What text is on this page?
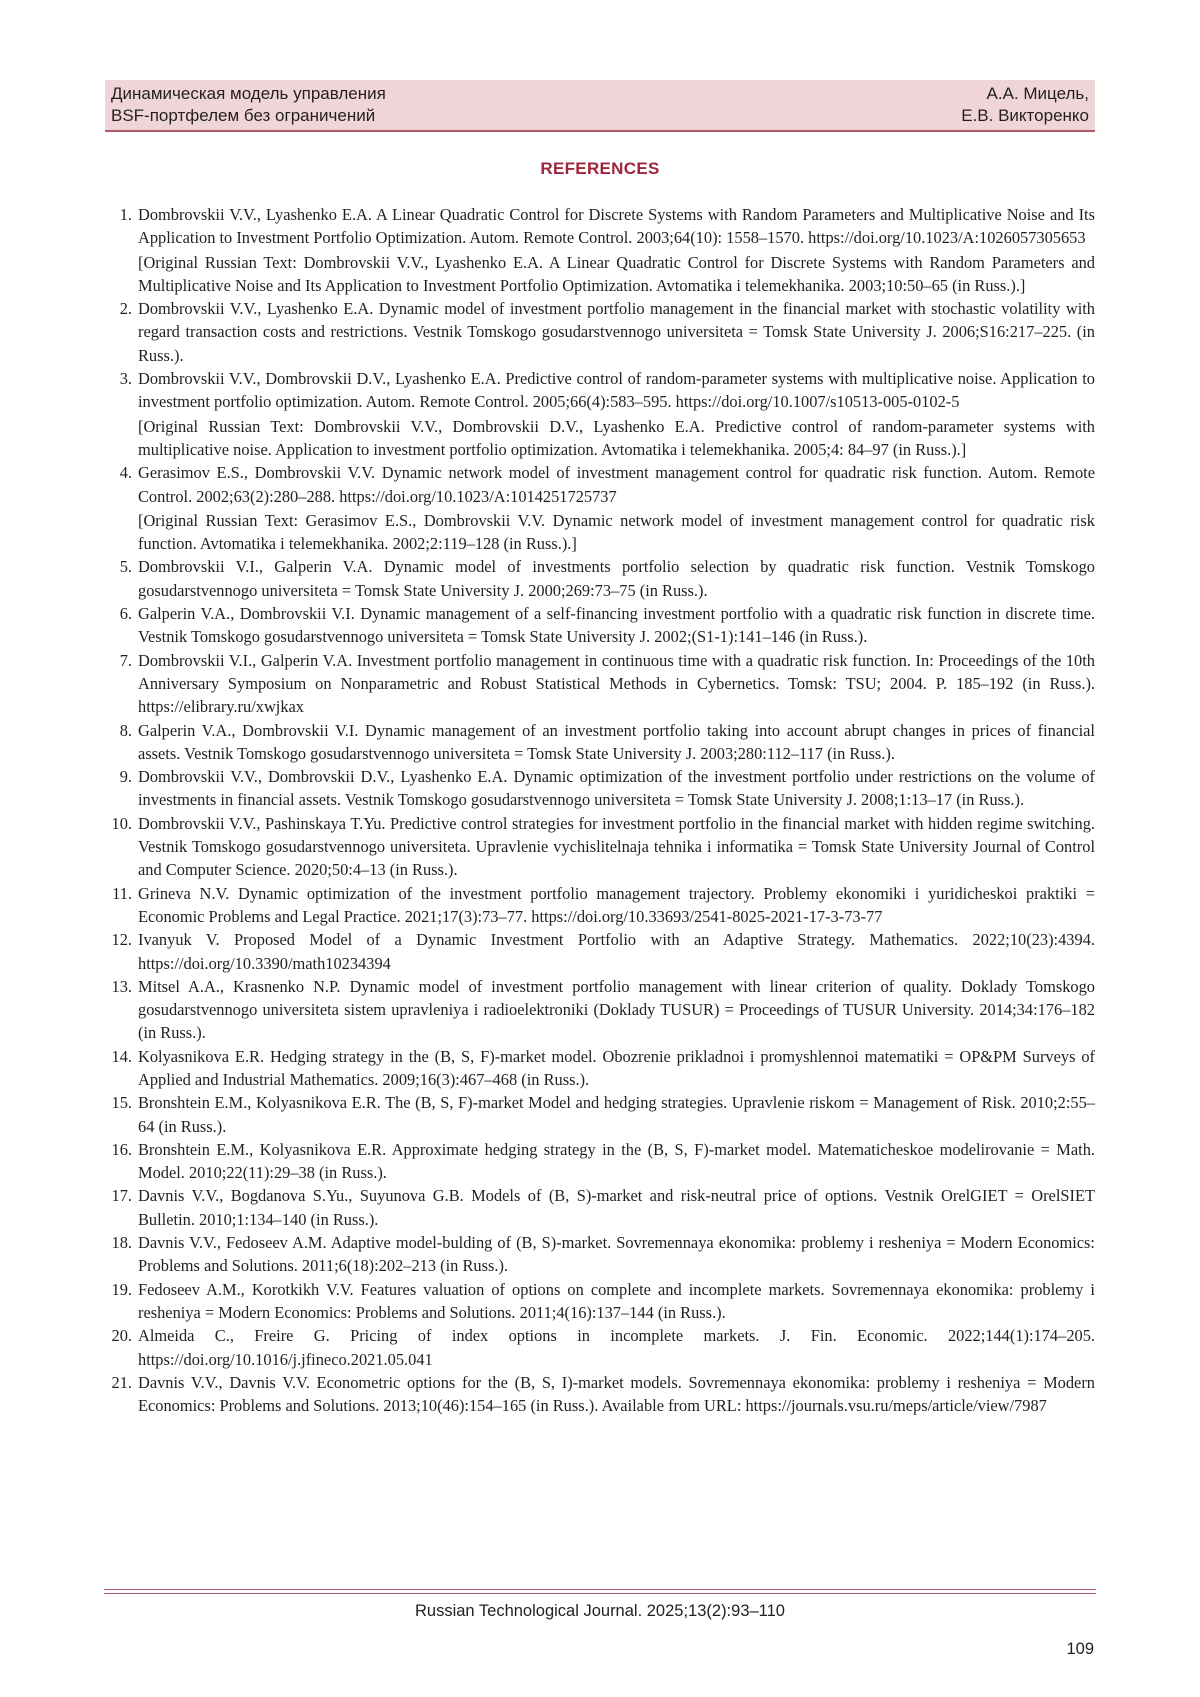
Динамическая модель управления
BSF-портфелем без ограничений
А.А. Мицель,
Е.В. Викторенко
REFERENCES
1. Dombrovskii V.V., Lyashenko E.A. A Linear Quadratic Control for Discrete Systems with Random Parameters and Multiplicative Noise and Its Application to Investment Portfolio Optimization. Autom. Remote Control. 2003;64(10): 1558–1570. https://doi.org/10.1023/A:1026057305653
[Original Russian Text: Dombrovskii V.V., Lyashenko E.A. A Linear Quadratic Control for Discrete Systems with Random Parameters and Multiplicative Noise and Its Application to Investment Portfolio Optimization. Avtomatika i telemekhanika. 2003;10:50–65 (in Russ.).]
2. Dombrovskii V.V., Lyashenko E.A. Dynamic model of investment portfolio management in the financial market with stochastic volatility with regard transaction costs and restrictions. Vestnik Tomskogo gosudarstvennogo universiteta = Tomsk State University J. 2006;S16:217–225. (in Russ.).
3. Dombrovskii V.V., Dombrovskii D.V., Lyashenko E.A. Predictive control of random-parameter systems with multiplicative noise. Application to investment portfolio optimization. Autom. Remote Control. 2005;66(4):583–595. https://doi.org/10.1007/s10513-005-0102-5
[Original Russian Text: Dombrovskii V.V., Dombrovskii D.V., Lyashenko E.A. Predictive control of random-parameter systems with multiplicative noise. Application to investment portfolio optimization. Avtomatika i telemekhanika. 2005;4: 84–97 (in Russ.).]
4. Gerasimov E.S., Dombrovskii V.V. Dynamic network model of investment management control for quadratic risk function. Autom. Remote Control. 2002;63(2):280–288. https://doi.org/10.1023/A:1014251725737
[Original Russian Text: Gerasimov E.S., Dombrovskii V.V. Dynamic network model of investment management control for quadratic risk function. Avtomatika i telemekhanika. 2002;2:119–128 (in Russ.).]
5. Dombrovskii V.I., Galperin V.A. Dynamic model of investments portfolio selection by quadratic risk function. Vestnik Tomskogo gosudarstvennogo universiteta = Tomsk State University J. 2000;269:73–75 (in Russ.).
6. Galperin V.A., Dombrovskii V.I. Dynamic management of a self-financing investment portfolio with a quadratic risk function in discrete time. Vestnik Tomskogo gosudarstvennogo universiteta = Tomsk State University J. 2002;(S1-1):141–146 (in Russ.).
7. Dombrovskii V.I., Galperin V.A. Investment portfolio management in continuous time with a quadratic risk function. In: Proceedings of the 10th Anniversary Symposium on Nonparametric and Robust Statistical Methods in Cybernetics. Tomsk: TSU; 2004. P. 185–192 (in Russ.). https://elibrary.ru/xwjkax
8. Galperin V.A., Dombrovskii V.I. Dynamic management of an investment portfolio taking into account abrupt changes in prices of financial assets. Vestnik Tomskogo gosudarstvennogo universiteta = Tomsk State University J. 2003;280:112–117 (in Russ.).
9. Dombrovskii V.V., Dombrovskii D.V., Lyashenko E.A. Dynamic optimization of the investment portfolio under restrictions on the volume of investments in financial assets. Vestnik Tomskogo gosudarstvennogo universiteta = Tomsk State University J. 2008;1:13–17 (in Russ.).
10. Dombrovskii V.V., Pashinskaya T.Yu. Predictive control strategies for investment portfolio in the financial market with hidden regime switching. Vestnik Tomskogo gosudarstvennogo universiteta. Upravlenie vychislitelnaja tehnika i informatika = Tomsk State University Journal of Control and Computer Science. 2020;50:4–13 (in Russ.).
11. Grineva N.V. Dynamic optimization of the investment portfolio management trajectory. Problemy ekonomiki i yuridicheskoi praktiki = Economic Problems and Legal Practice. 2021;17(3):73–77. https://doi.org/10.33693/2541-8025-2021-17-3-73-77
12. Ivanyuk V. Proposed Model of a Dynamic Investment Portfolio with an Adaptive Strategy. Mathematics. 2022;10(23):4394. https://doi.org/10.3390/math10234394
13. Mitsel A.A., Krasnenko N.P. Dynamic model of investment portfolio management with linear criterion of quality. Doklady Tomskogo gosudarstvennogo universiteta sistem upravleniya i radioelektroniki (Doklady TUSUR) = Proceedings of TUSUR University. 2014;34:176–182 (in Russ.).
14. Kolyasnikova E.R. Hedging strategy in the (B, S, F)-market model. Obozrenie prikladnoi i promyshlennoi matematiki = OP&PM Surveys of Applied and Industrial Mathematics. 2009;16(3):467–468 (in Russ.).
15. Bronshtein E.M., Kolyasnikova E.R. The (B, S, F)-market Model and hedging strategies. Upravlenie riskom = Management of Risk. 2010;2:55–64 (in Russ.).
16. Bronshtein E.M., Kolyasnikova E.R. Approximate hedging strategy in the (B, S, F)-market model. Matematicheskoe modelirovanie = Math. Model. 2010;22(11):29–38 (in Russ.).
17. Davnis V.V., Bogdanova S.Yu., Suyunova G.B. Models of (B, S)-market and risk-neutral price of options. Vestnik OrelGIET = OrelSIET Bulletin. 2010;1:134–140 (in Russ.).
18. Davnis V.V., Fedoseev A.M. Adaptive model-bulding of (B, S)-market. Sovremennaya ekonomika: problemy i resheniya = Modern Economics: Problems and Solutions. 2011;6(18):202–213 (in Russ.).
19. Fedoseev A.M., Korotkikh V.V. Features valuation of options on complete and incomplete markets. Sovremennaya ekonomika: problemy i resheniya = Modern Economics: Problems and Solutions. 2011;4(16):137–144 (in Russ.).
20. Almeida C., Freire G. Pricing of index options in incomplete markets. J. Fin. Economic. 2022;144(1):174–205. https://doi.org/10.1016/j.jfineco.2021.05.041
21. Davnis V.V., Davnis V.V. Econometric options for the (B, S, I)-market models. Sovremennaya ekonomika: problemy i resheniya = Modern Economics: Problems and Solutions. 2013;10(46):154–165 (in Russ.). Available from URL: https://journals.vsu.ru/meps/article/view/7987
Russian Technological Journal. 2025;13(2):93–110
109
